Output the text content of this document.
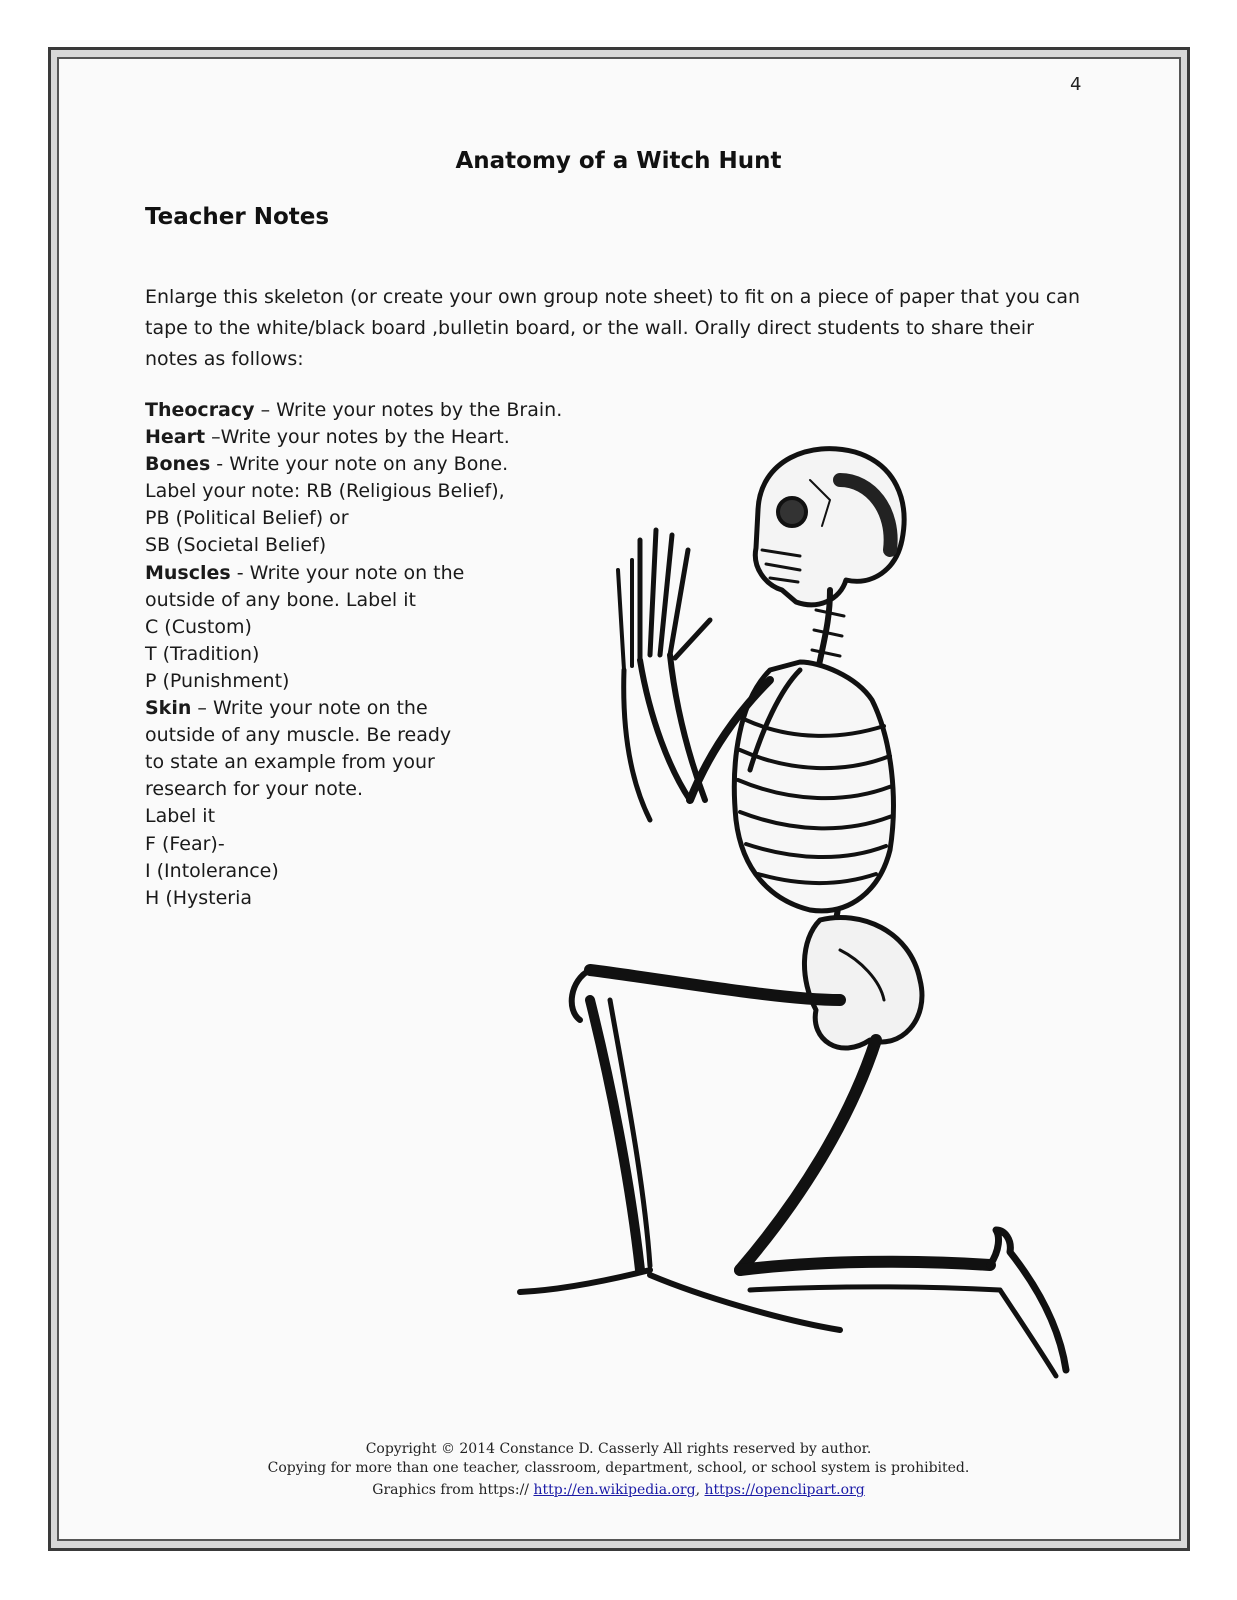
4
Anatomy of a Witch Hunt
Teacher Notes
Enlarge this skeleton (or create your own group note sheet) to fit on a piece of paper that you can tape to the white/black board ,bulletin board, or the wall. Orally direct students to share their notes as follows:
Theocracy – Write your notes by the Brain.
Heart –Write your notes by the Heart.
Bones - Write your note on any Bone.
Label your note: RB (Religious Belief),
PB (Political Belief) or
SB (Societal Belief)
Muscles - Write your note on the
outside of any bone. Label it
C (Custom)
T (Tradition)
P (Punishment)
Skin – Write your note on the
outside of any muscle. Be ready
to state an example from your
research for your note.
Label it
F (Fear)-
I (Intolerance)
H (Hysteria
Copyright © 2014 Constance D. Casserly All rights reserved by author.
Copying for more than one teacher, classroom, department, school, or school system is prohibited.
Graphics from https:// http://en.wikipedia.org, https://openclipart.org
